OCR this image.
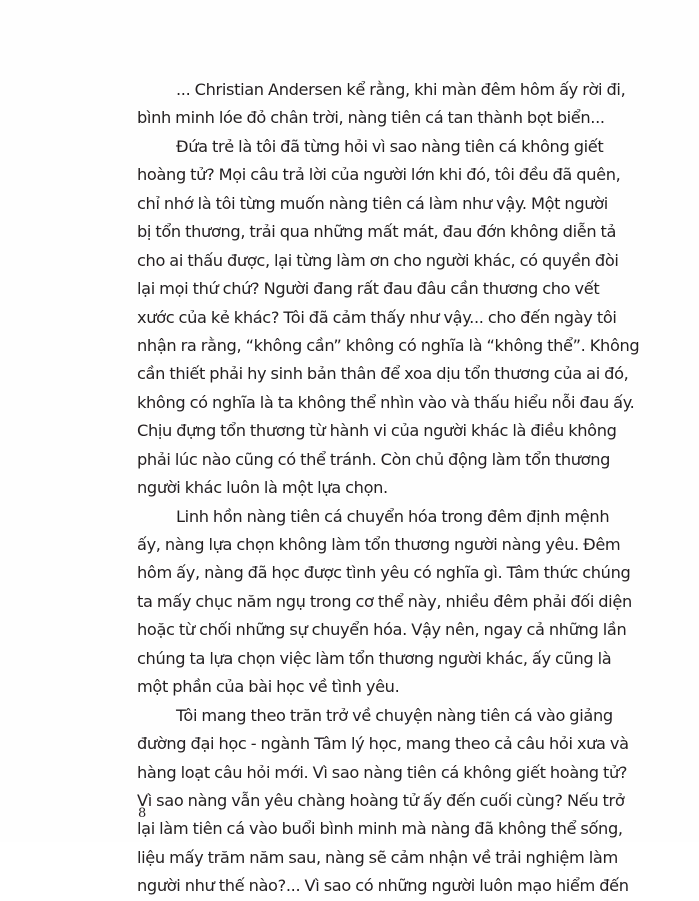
... Christian Andersen kể rằng, khi màn đêm hôm ấy rời đi,
bình minh lóe đỏ chân trời, nàng tiên cá tan thành bọt biển...
Đứa trẻ là tôi đã từng hỏi vì sao nàng tiên cá không giết
hoàng tử? Mọi câu trả lời của người lớn khi đó, tôi đều đã quên,
chỉ nhớ là tôi từng muốn nàng tiên cá làm như vậy. Một người
bị tổn thương, trải qua những mất mát, đau đớn không diễn tả
cho ai thấu được, lại từng làm ơn cho người khác, có quyền đòi
lại mọi thứ chứ? Người đang rất đau đâu cần thương cho vết
xước của kẻ khác? Tôi đã cảm thấy như vậy... cho đến ngày tôi
nhận ra rằng, “không cần” không có nghĩa là “không thể”. Không
cần thiết phải hy sinh bản thân để xoa dịu tổn thương của ai đó,
không có nghĩa là ta không thể nhìn vào và thấu hiểu nỗi đau ấy.
Chịu đựng tổn thương từ hành vi của người khác là điều không
phải lúc nào cũng có thể tránh. Còn chủ động làm tổn thương
người khác luôn là một lựa chọn.
Linh hồn nàng tiên cá chuyển hóa trong đêm định mệnh
ấy, nàng lựa chọn không làm tổn thương người nàng yêu. Đêm
hôm ấy, nàng đã học được tình yêu có nghĩa gì. Tâm thức chúng
ta mấy chục năm ngụ trong cơ thể này, nhiều đêm phải đối diện
hoặc từ chối những sự chuyển hóa. Vậy nên, ngay cả những lần
chúng ta lựa chọn việc làm tổn thương người khác, ấy cũng là
một phần của bài học về tình yêu.
Tôi mang theo trăn trở về chuyện nàng tiên cá vào giảng
đường đại học - ngành Tâm lý học, mang theo cả câu hỏi xưa và
hàng loạt câu hỏi mới. Vì sao nàng tiên cá không giết hoàng tử?
Vì sao nàng vẫn yêu chàng hoàng tử ấy đến cuối cùng? Nếu trở
lại làm tiên cá vào buổi bình minh mà nàng đã không thể sống,
liệu mấy trăm năm sau, nàng sẽ cảm nhận về trải nghiệm làm
người như thế nào?... Vì sao có những người luôn mạo hiểm đến
8
